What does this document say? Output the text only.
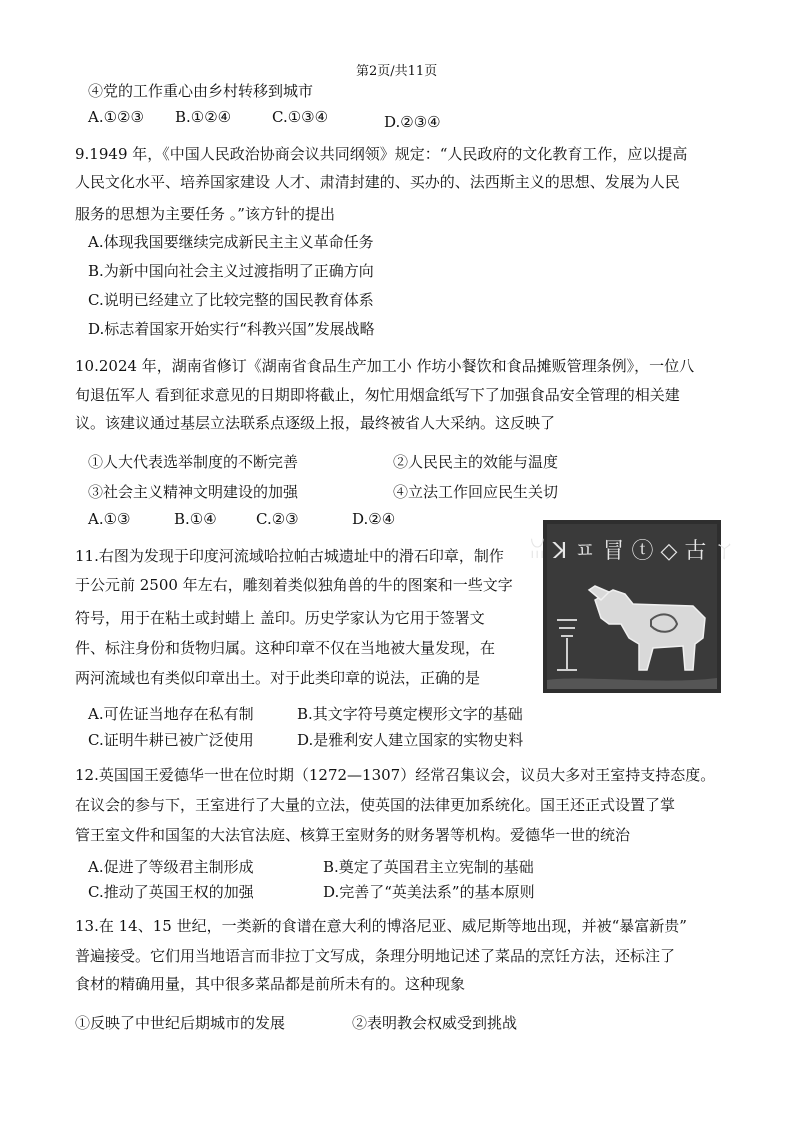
第2页/共11页
④党的工作重心由乡村转移到城市
A.①②③ B.①②④	C.①③④	D.②③④
9.1949 年，《中国人民政治协商会议共同纲领》规定：“人民政府的文化教育工作，应以提高
人民文化水平、培养国家建设 人才、肃清封建的、买办的、法西斯主义的思想、发展为人民
服务的思想为主要任务 。”该方针的提出
A.体现我国要继续完成新民主主义革命任务
B.为新中国向社会主义过渡指明了正确方向
C.说明已经建立了比较完整的国民教育体系
D.标志着国家开始实行“科教兴国”发展战略
10.2024 年，湖南省修订《湖南省食品生产加工小 作坊小餐饮和食品摊贩管理条例》，一位八
旬退伍军人 看到征求意见的日期即将截止，匆忙用烟盒纸写下了加强食品安全管理的相关建
议。该建议通过基层立法联系点逐级上报，最终被省人大采纳。这反映了
①人大代表选举制度的不断完善	②人民民主的效能与温度
③社会主义精神文明建设的加强	④立法工作回应民生关切
A.①③	B.①④	C.②③	D.②④
11.右图为发现于印度河流域哈拉帕古城遗址中的滑石印章，制作
于公元前 2500 年左右，雕刻着类似独角兽的牛的图案和一些文字
符号，用于在粘土或封蜡上 盖印。历史学家认为它用于签署文
件、标注身份和货物归属。这种印章不仅在当地被大量发现，在
两河流域也有类似印章出土。对于此类印章的说法，正确的是
A.可佐证当地存在私有制	B.其文字符号奠定楔形文字的基础
C.证明牛耕已被广泛使用	D.是雅利安人建立国家的实物史料
ꈍ ꓘ ㅍ 冒 ⓣ ◇ 古 ㄚ
12.英国国王爱德华一世在位时期（1272—1307）经常召集议会，议员大多对王室持支持态度。
在议会的参与下，王室进行了大量的立法，使英国的法律更加系统化。国王还正式设置了掌
管王室文件和国玺的大法官法庭、核算王室财务的财务署等机构。爱德华一世的统治
A.促进了等级君主制形成	B.奠定了英国君主立宪制的基础
C.推动了英国王权的加强	D.完善了“英美法系”的基本原则
13.在 14、15 世纪，一类新的食谱在意大利的博洛尼亚、威尼斯等地出现，并被“暴富新贵”
普遍接受。它们用当地语言而非拉丁文写成，条理分明地记述了菜品的烹饪方法，还标注了
食材的精确用量，其中很多菜品都是前所未有的。这种现象
①反映了中世纪后期城市的发展	②表明教会权威受到挑战
